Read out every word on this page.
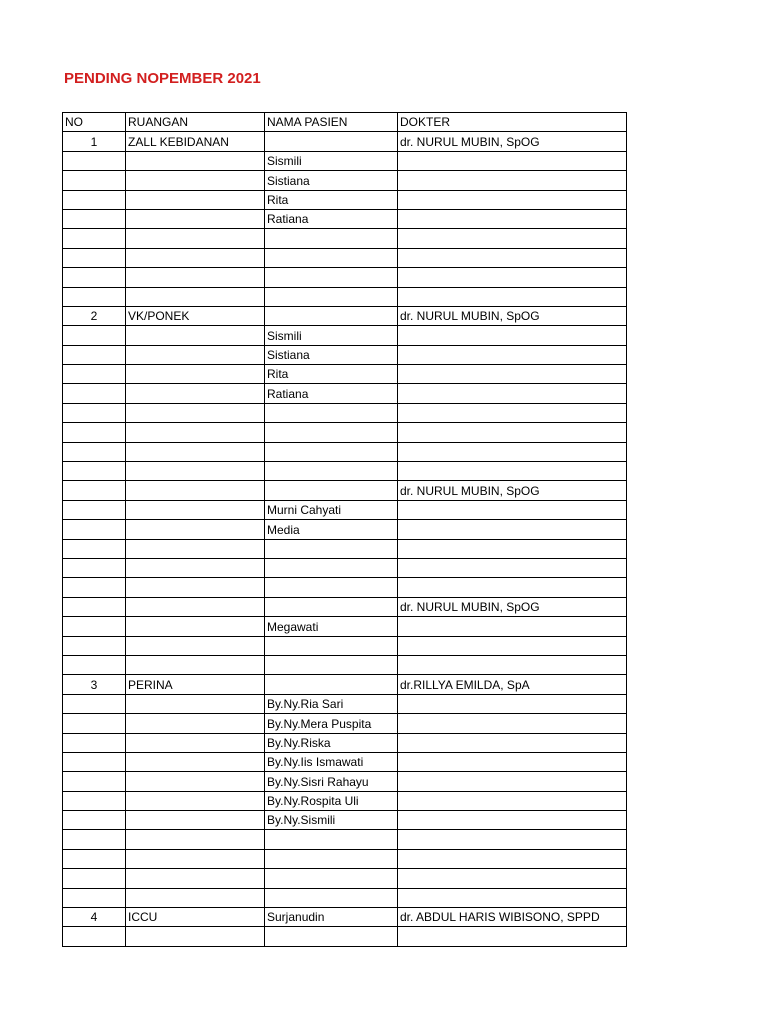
PENDING NOPEMBER 2021
NO	RUANGAN	NAMA PASIEN	DOKTER
1	ZALL KEBIDANAN		dr. NURUL MUBIN, SpOG
		Sismili	
		Sistiana	
		Rita	
		Ratiana	

2	VK/PONEK		dr. NURUL MUBIN, SpOG
		Sismili	
		Sistiana	
		Rita	
		Ratiana	

			dr. NURUL MUBIN, SpOG
		Murni Cahyati	
		Media	

			dr. NURUL MUBIN, SpOG
		Megawati	

3	PERINA		dr.RILLYA EMILDA, SpA
		By.Ny.Ria Sari	
		By.Ny.Mera Puspita	
		By.Ny.Riska	
		By.Ny.Iis Ismawati	
		By.Ny.Sisri Rahayu	
		By.Ny.Rospita Uli	
		By.Ny.Sismili	

4	ICCU	Surjanudin	dr. ABDUL HARIS WIBISONO, SPPD
